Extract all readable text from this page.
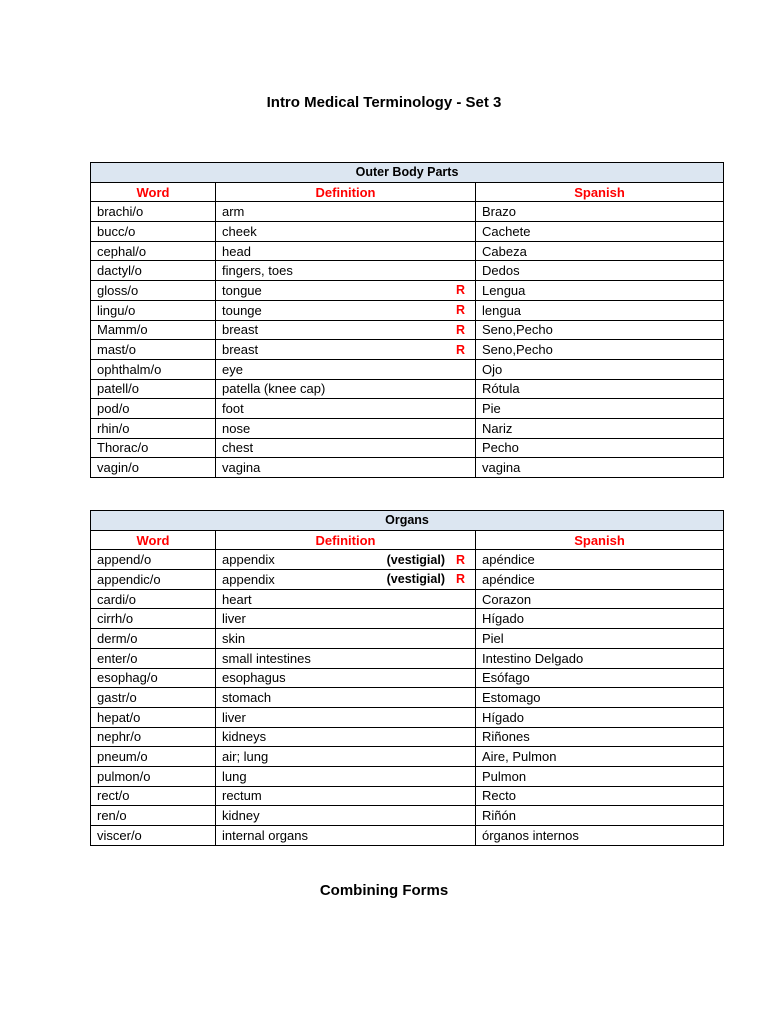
Intro Medical Terminology - Set 3
Outer Body Parts		
Word	Definition	Spanish
brachi/o	arm	Brazo
bucc/o	cheek	Cachete
cephal/o	head	Cabeza
dactyl/o	fingers, toes	Dedos
gloss/o	tongue R	Lengua
lingu/o	tounge R	lengua
Mamm/o	breast R	Seno,Pecho
mast/o	breast R	Seno,Pecho
ophthalm/o	eye	Ojo
patell/o	patella (knee cap)	Rótula
pod/o	foot	Pie
rhin/o	nose	Nariz
Thorac/o	chest	Pecho
vagin/o	vagina	vagina
Organs		
Word	Definition	Spanish
append/o	appendix (vestigial) R	apéndice
appendic/o	appendix (vestigial) R	apéndice
cardi/o	heart	Corazon
cirrh/o	liver	Hígado
derm/o	skin	Piel
enter/o	small intestines	Intestino Delgado
esophag/o	esophagus	Esófago
gastr/o	stomach	Estomago
hepat/o	liver	Hígado
nephr/o	kidneys	Riñones
pneum/o	air; lung	Aire, Pulmon
pulmon/o	lung	Pulmon
rect/o	rectum	Recto
ren/o	kidney	Riñón
viscer/o	internal organs	órganos internos
Combining Forms
